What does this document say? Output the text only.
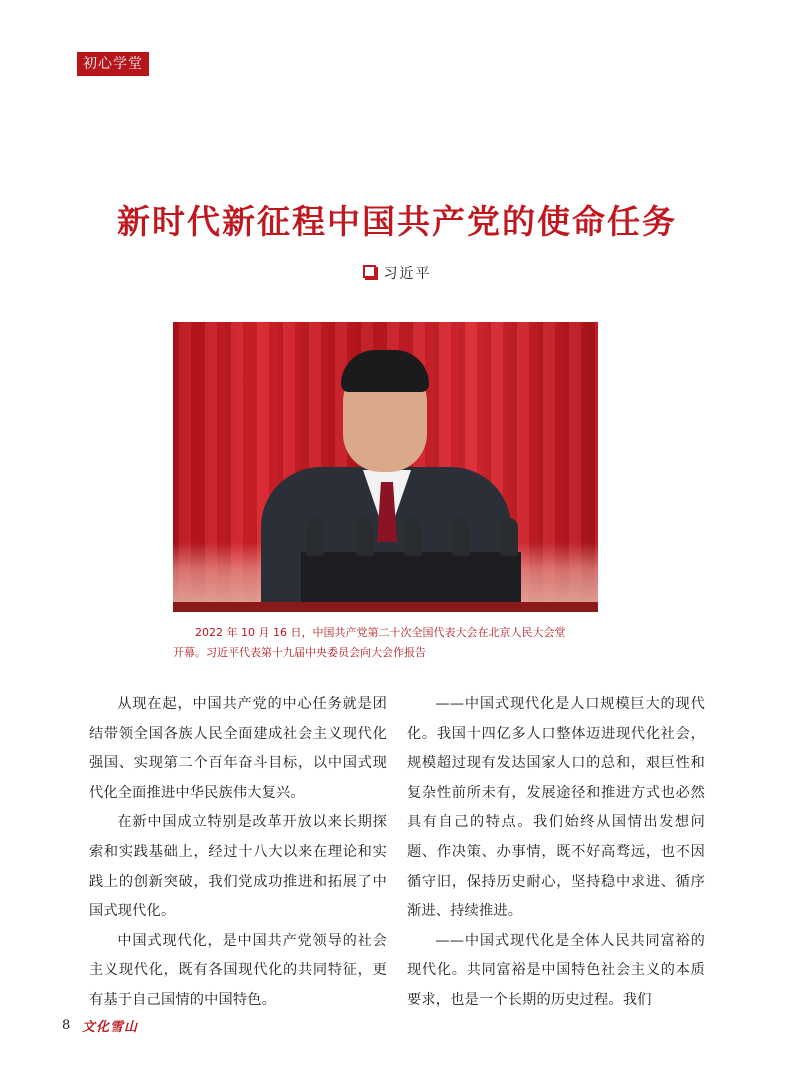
初心学堂
新时代新征程中国共产党的使命任务
习近平
2022 年 10 月 16 日，中国共产党第二十次全国代表大会在北京人民大会堂
开幕。习近平代表第十九届中央委员会向大会作报告

从现在起，中国共产党的中心任务就是团结带领全国各族人民全面建成社会主义现代化强国、实现第二个百年奋斗目标，以中国式现代化全面推进中华民族伟大复兴。

在新中国成立特别是改革开放以来长期探索和实践基础上，经过十八大以来在理论和实践上的创新突破，我们党成功推进和拓展了中国式现代化。

中国式现代化，是中国共产党领导的社会主义现代化，既有各国现代化的共同特征，更有基于自己国情的中国特色。

——中国式现代化是人口规模巨大的现代化。我国十四亿多人口整体迈进现代化社会，规模超过现有发达国家人口的总和，艰巨性和复杂性前所未有，发展途径和推进方式也必然具有自己的特点。我们始终从国情出发想问题、作决策、办事情，既不好高骛远，也不因循守旧，保持历史耐心，坚持稳中求进、循序渐进、持续推进。

——中国式现代化是全体人民共同富裕的现代化。共同富裕是中国特色社会主义的本质要求，也是一个长期的历史过程。我们

8 文化雪山
